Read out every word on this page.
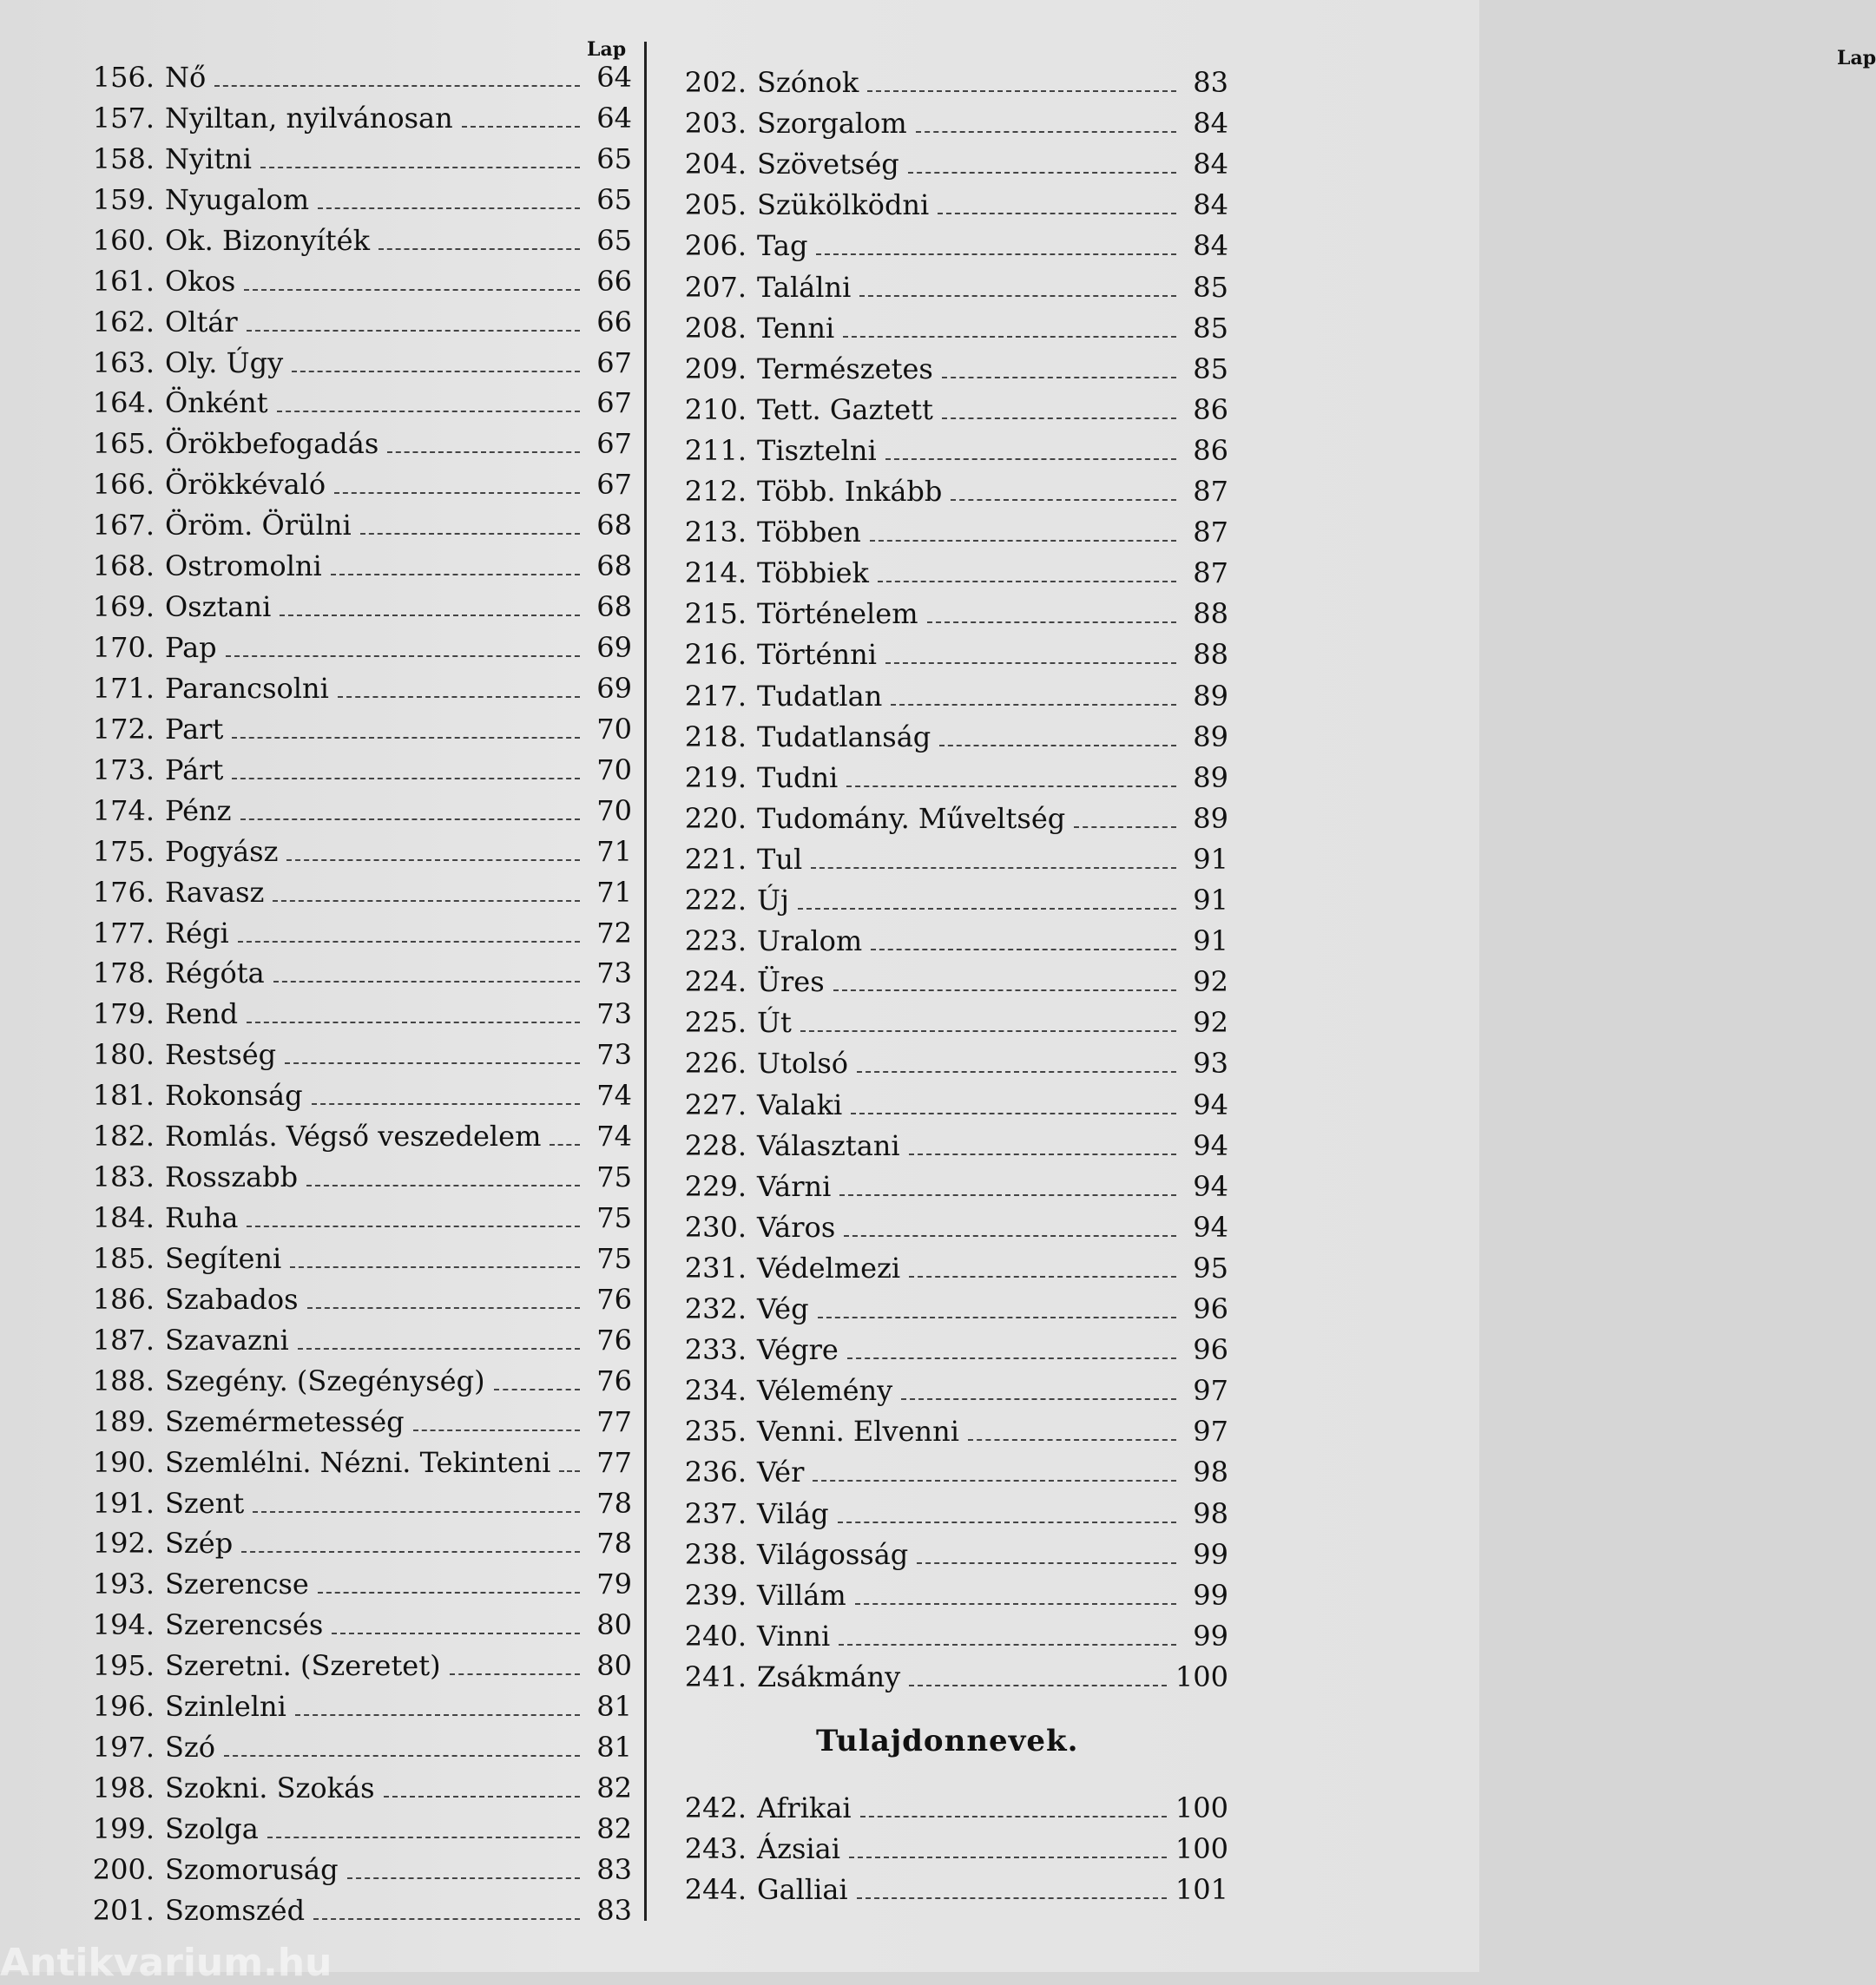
Lap
156. Nő	64
157. Nyiltan, nyilvánosan	64
158. Nyitni	65
159. Nyugalom	65
160. Ok. Bizonyíték	65
161. Okos	66
162. Oltár	66
163. Oly. Úgy	67
164. Önként	67
165. Örökbefogadás	67
166. Örökkévaló	67
167. Öröm. Örülni	68
168. Ostromolni	68
169. Osztani	68
170. Pap	69
171. Parancsolni	69
172. Part	70
173. Párt	70
174. Pénz	70
175. Pogyász	71
176. Ravasz	71
177. Régi	72
178. Régóta	73
179. Rend	73
180. Restség	73
181. Rokonság	74
182. Romlás. Végső veszedelem 74
183. Rosszabb	75
184. Ruha	75
185. Segíteni	75
186. Szabados	76
187. Szavazni	76
188. Szegény. (Szegénység)	76
189. Szemérmetesség	77
190. Szemlélni. Nézni. Tekinteni 77
191. Szent	78
192. Szép	78
193. Szerencse	79
194. Szerencsés	80
195. Szeretni. (Szeretet)	80
196. Szinlelni	81
197. Szó	81
198. Szokni. Szokás	82
199. Szolga	82
200. Szomoruság	83
201. Szomszéd	83
Lap
202. Szónok	83
203. Szorgalom	84
204. Szövetség	84
205. Szükölködni	84
206. Tag	84
207. Találni	85
208. Tenni	85
209. Természetes	85
210. Tett. Gaztett	86
211. Tisztelni	86
212. Több. Inkább	87
213. Többen	87
214. Többiek	87
215. Történelem	88
216. Történni	88
217. Tudatlan	89
218. Tudatlanság	89
219. Tudni	89
220. Tudomány. Műveltség	89
221. Tul	91
222. Új	91
223. Uralom	91
224. Üres	92
225. Út	92
226. Utolsó	93
227. Valaki	94
228. Választani	94
229. Várni	94
230. Város	94
231. Védelmezi	95
232. Vég	96
233. Végre	96
234. Vélemény	97
235. Venni. Elvenni	97
236. Vér	98
237. Világ	98
238. Világosság	99
239. Villám	99
240. Vinni	99
241. Zsákmány	100
242. Afrikai	100
243. Ázsiai	100
244. Galliai	101
Tulajdonnevek.
Antikvarium.hu
